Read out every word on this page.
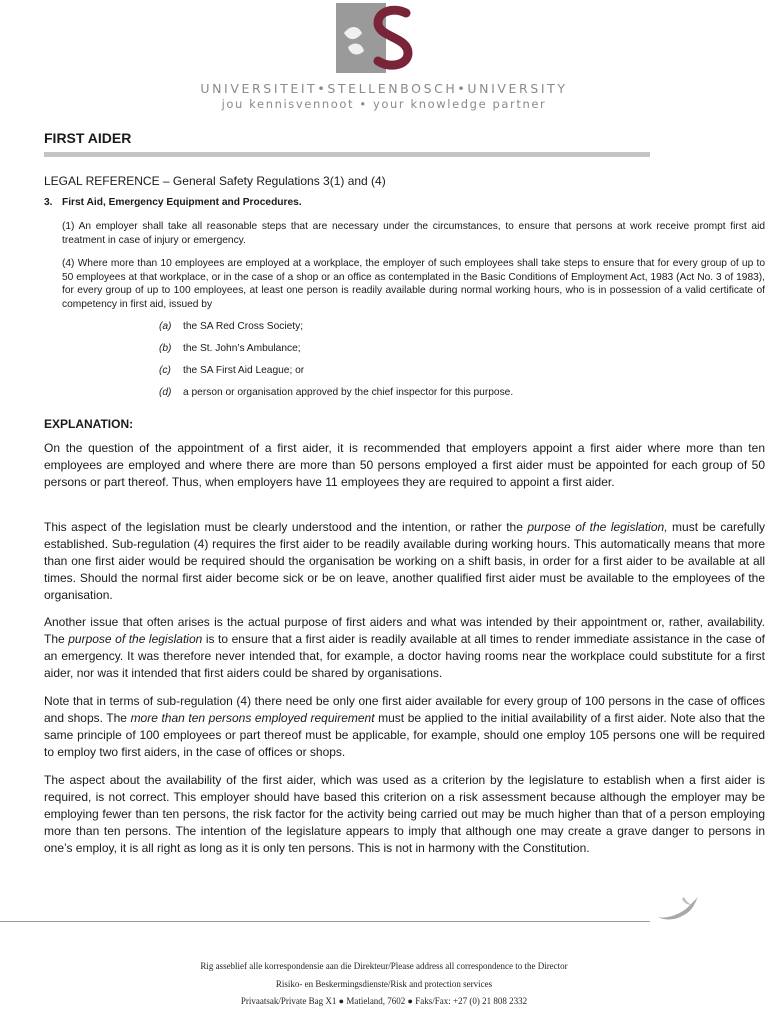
UNIVERSITEIT•STELLENBOSCH•UNIVERSITY
jou kennisvennoot • your knowledge partner
FIRST AIDER
LEGAL REFERENCE – General Safety Regulations 3(1) and (4)
3. First Aid, Emergency Equipment and Procedures.
(1) An employer shall take all reasonable steps that are necessary under the circumstances, to ensure that persons at work receive prompt first aid treatment in case of injury or emergency.
(4) Where more than 10 employees are employed at a workplace, the employer of such employees shall take steps to ensure that for every group of up to 50 employees at that workplace, or in the case of a shop or an office as contemplated in the Basic Conditions of Employment Act, 1983 (Act No. 3 of 1983), for every group of up to 100 employees, at least one person is readily available during normal working hours, who is in possession of a valid certificate of competency in first aid, issued by
(a) the SA Red Cross Society;
(b) the St. John’s Ambulance;
(c) the SA First Aid League; or
(d) a person or organisation approved by the chief inspector for this purpose.
EXPLANATION:
On the question of the appointment of a first aider, it is recommended that employers appoint a first aider where more than ten employees are employed and where there are more than 50 persons employed a first aider must be appointed for each group of 50 persons or part thereof. Thus, when employers have 11 employees they are required to appoint a first aider.
This aspect of the legislation must be clearly understood and the intention, or rather the purpose of the legislation, must be carefully established. Sub-regulation (4) requires the first aider to be readily available during working hours. This automatically means that more than one first aider would be required should the organisation be working on a shift basis, in order for a first aider to be available at all times. Should the normal first aider become sick or be on leave, another qualified first aider must be available to the employees of the organisation.
Another issue that often arises is the actual purpose of first aiders and what was intended by their appointment or, rather, availability. The purpose of the legislation is to ensure that a first aider is readily available at all times to render immediate assistance in the case of an emergency. It was therefore never intended that, for example, a doctor having rooms near the workplace could substitute for a first aider, nor was it intended that first aiders could be shared by organisations.
Note that in terms of sub-regulation (4) there need be only one first aider available for every group of 100 persons in the case of offices and shops. The more than ten persons employed requirement must be applied to the initial availability of a first aider. Note also that the same principle of 100 employees or part thereof must be applicable, for example, should one employ 105 persons one will be required to employ two first aiders, in the case of offices or shops.
The aspect about the availability of the first aider, which was used as a criterion by the legislature to establish when a first aider is required, is not correct. This employer should have based this criterion on a risk assessment because although the employer may be employing fewer than ten persons, the risk factor for the activity being carried out may be much higher than that of a person employing more than ten persons. The intention of the legislature appears to imply that although one may create a grave danger to persons in one’s employ, it is all right as long as it is only ten persons. This is not in harmony with the Constitution.
Rig asseblief alle korrespondensie aan die Direkteur/Please address all correspondence to the Director
Risiko- en Beskermingsdienste/Risk and protection services
Privaatsak/Private Bag X1 ● Matieland, 7602 ● Faks/Fax: +27 (0) 21 808 2332
